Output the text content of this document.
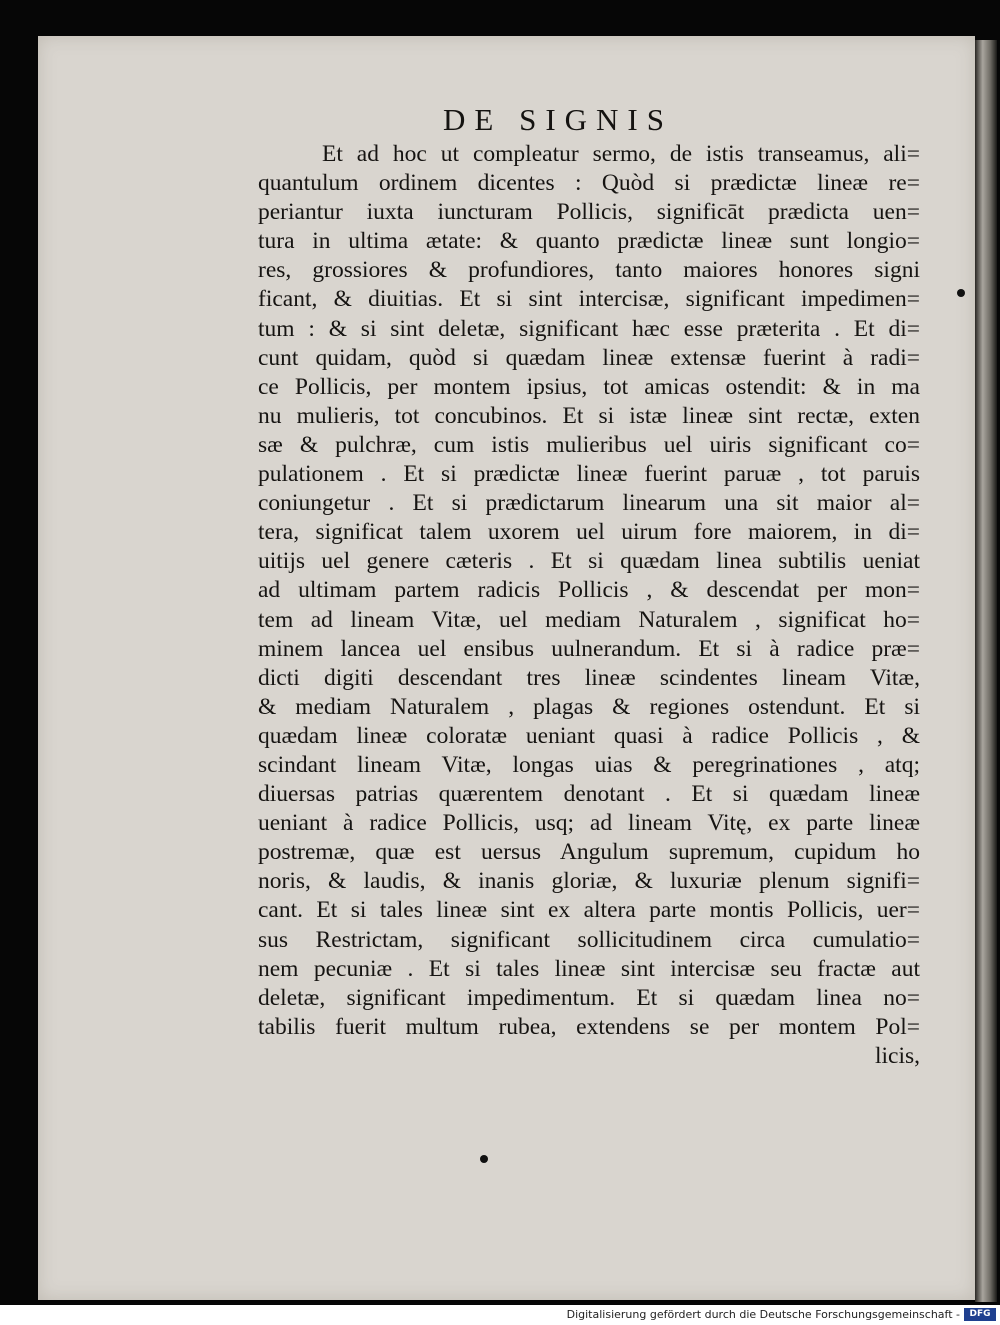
DE SIGNIS
Et ad hoc ut compleatur sermo, de istis transeamus, ali=
quantulum ordinem dicentes : Quòd si prædictæ lineæ re=
periantur iuxta iuncturam Pollicis, significāt prædicta uen=
tura in ultima ætate: & quanto prædictæ lineæ sunt longio=
res, grossiores & profundiores, tanto maiores honores signi
ficant, & diuitias. Et si sint intercisæ, significant impedimen=
tum : & si sint deletæ, significant hæc esse præterita . Et di=
cunt quidam, quòd si quædam lineæ extensæ fuerint à radi=
ce Pollicis, per montem ipsius, tot amicas ostendit: & in ma
nu mulieris, tot concubinos. Et si istæ lineæ sint rectæ, exten
sæ & pulchræ, cum istis mulieribus uel uiris significant co=
pulationem . Et si prædictæ lineæ fuerint paruæ , tot paruis
coniungetur . Et si prædictarum linearum una sit maior al=
tera, significat talem uxorem uel uirum fore maiorem, in di=
uitijs uel genere cæteris . Et si quædam linea subtilis ueniat
ad ultimam partem radicis Pollicis , & descendat per mon=
tem ad lineam Vitæ, uel mediam Naturalem , significat ho=
minem lancea uel ensibus uulnerandum. Et si à radice præ=
dicti digiti descendant tres lineæ scindentes lineam Vitæ,
& mediam Naturalem , plagas & regiones ostendunt. Et si
quædam lineæ coloratæ ueniant quasi à radice Pollicis , &
scindant lineam Vitæ, longas uias & peregrinationes , atq;
diuersas patrias quærentem denotant . Et si quædam lineæ
ueniant à radice Pollicis, usq; ad lineam Vitę, ex parte lineæ
postremæ, quæ est uersus Angulum supremum, cupidum ho
noris, & laudis, & inanis gloriæ, & luxuriæ plenum signifi=
cant. Et si tales lineæ sint ex altera parte montis Pollicis, uer=
sus Restrictam, significant sollicitudinem circa cumulatio=
nem pecuniæ . Et si tales lineæ sint intercisæ seu fractæ aut
deletæ, significant impedimentum. Et si quædam linea no=
tabilis fuerit multum rubea, extendens se per montem Pol=
licis,
Digitalisierung gefördert durch die Deutsche Forschungsgemeinschaft -	DFG
